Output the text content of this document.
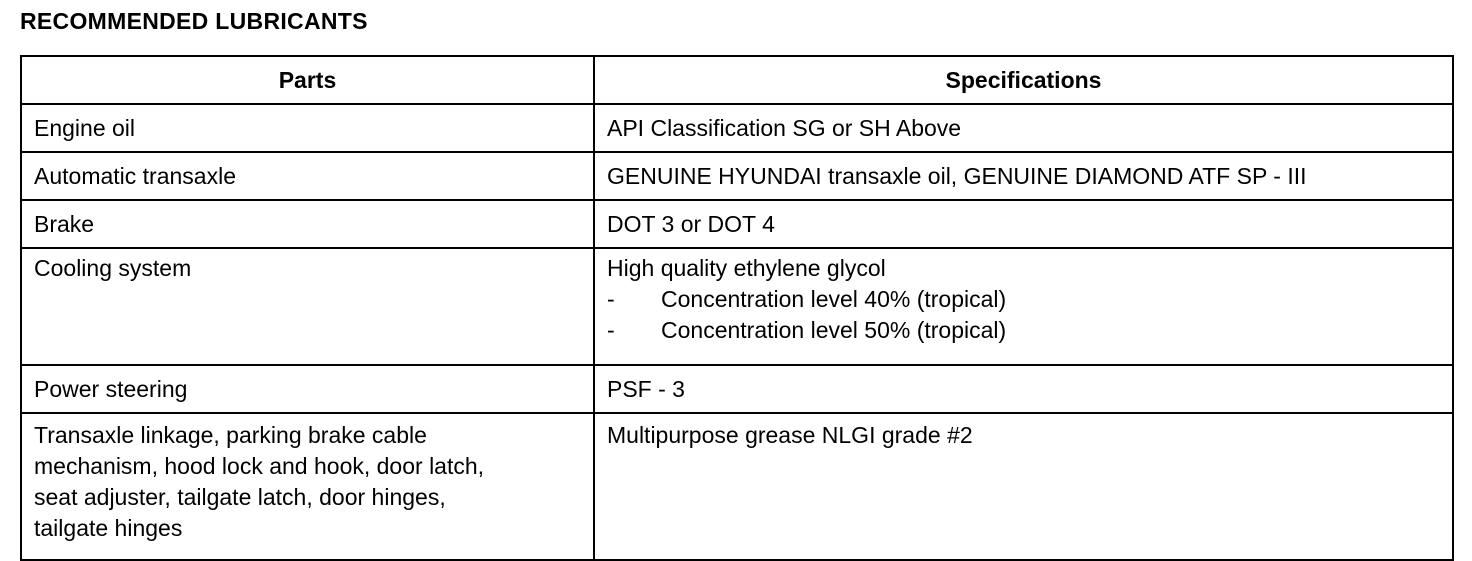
RECOMMENDED LUBRICANTS
Parts	Specifications
Engine oil	API Classification SG or SH Above
Automatic transaxle	GENUINE HYUNDAI transaxle oil, GENUINE DIAMOND ATF SP - III
Brake	DOT 3 or DOT 4
Cooling system	High quality ethylene glycol
- Concentration level 40% (tropical)
- Concentration level 50% (tropical)

Power steering	PSF - 3

Transaxle linkage, parking brake cable mechanism, hood lock and hook, door latch, seat adjuster, tailgate latch, door hinges, tailgate hinges	Multipurpose grease NLGI grade #2
